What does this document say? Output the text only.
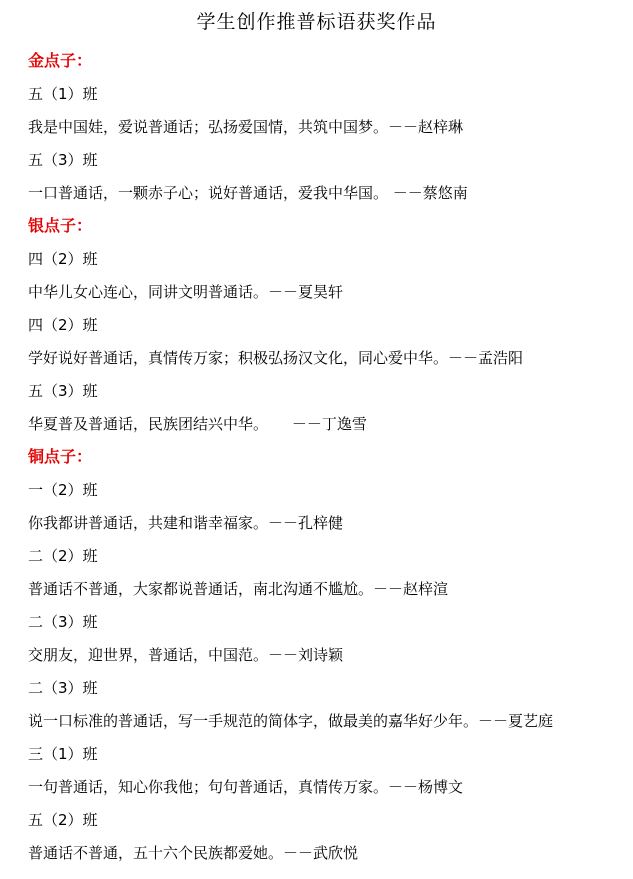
学生创作推普标语获奖作品
金点子：
五（1）班
我是中国娃，爱说普通话；弘扬爱国情，共筑中国梦。－－赵梓琳
五（3）班
一口普通话，一颗赤子心；说好普通话，爱我中华国。 －－蔡悠南
银点子：
四（2）班
中华儿女心连心，同讲文明普通话。－－夏昊轩
四（2）班
学好说好普通话，真情传万家；积极弘扬汉文化，同心爱中华。－－孟浩阳
五（3）班
华夏普及普通话，民族团结兴中华。     －－丁逸雪
铜点子：
一（2）班
你我都讲普通话，共建和谐幸福家。－－孔梓健
二（2）班
普通话不普通，大家都说普通话，南北沟通不尴尬。－－赵梓渲
二（3）班
交朋友，迎世界，普通话，中国范。－－刘诗颖
二（3）班
说一口标准的普通话，写一手规范的简体字，做最美的嘉华好少年。－－夏艺庭
三（1）班
一句普通话，知心你我他；句句普通话，真情传万家。－－杨博文
五（2）班
普通话不普通，五十六个民族都爱她。－－武欣悦
